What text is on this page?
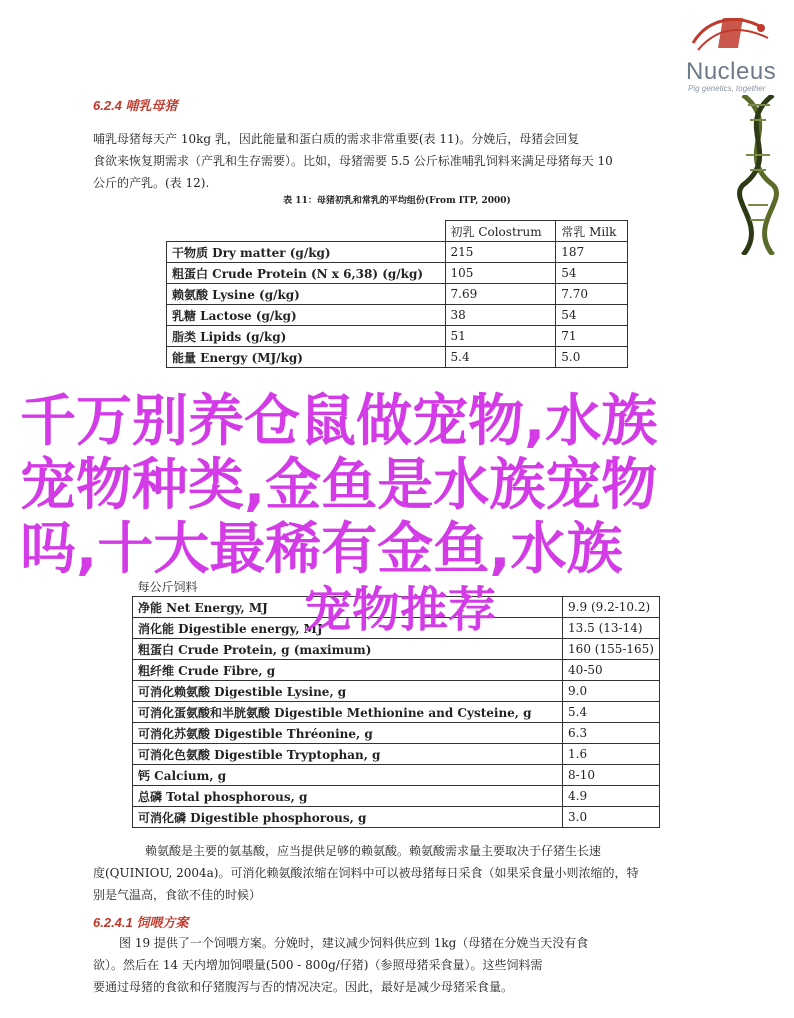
Nucleus
Pig genetics, together
6.2.4 哺乳母猪
哺乳母猪每天产 10kg 乳，因此能量和蛋白质的需求非常重要(表 11)。分娩后，母猪会回复
食欲来恢复期需求（产乳和生存需要）。比如，母猪需要 5.5 公斤标准哺乳饲料来满足母猪每天 10
公斤的产乳。(表 12).
表 11：母猪初乳和常乳的平均组份(From ITP, 2000)
	初乳 Colostrum	常乳 Milk
干物质 Dry matter (g/kg)	215	187
粗蛋白 Crude Protein (N x 6,38) (g/kg)	105	54
赖氨酸 Lysine (g/kg)	7.69	7.70
乳糖 Lactose (g/kg)	38	54
脂类 Lipids (g/kg)	51	71
能量 Energy (MJ/kg)	5.4	5.0
每公斤饲料	
净能 Net Energy, MJ	9.9 (9.2-10.2)
消化能 Digestible energy, MJ	13.5 (13-14)
粗蛋白 Crude Protein, g (maximum)	160 (155-165)
粗纤维 Crude Fibre, g	40-50
可消化赖氨酸 Digestible Lysine, g	9.0
可消化蛋氨酸和半胱氨酸 Digestible Methionine and Cysteine, g	5.4
可消化苏氨酸 Digestible Thréonine, g	6.3
可消化色氨酸 Digestible Tryptophan, g	1.6
钙 Calcium, g	8-10
总磷 Total phosphorous, g	4.9
可消化磷 Digestible phosphorous, g	3.0
赖氨酸是主要的氨基酸，应当提供足够的赖氨酸。赖氨酸需求量主要取决于仔猪生长速
度(QUINIOU, 2004a)。可消化赖氨酸浓缩在饲料中可以被母猪每日采食（如果采食量小则浓缩的，特
别是气温高，食欲不佳的时候）
6.2.4.1 饲喂方案
图 19 提供了一个饲喂方案。分娩时，建议减少饲料供应到 1kg（母猪在分娩当天没有食
欲）。然后在 14 天内增加饲喂量(500 - 800g/仔猪)（参照母猪采食量）。这些饲料需
要通过母猪的食欲和仔猪腹泻与否的情况决定。因此，最好是减少母猪采食量。
千万别养仓鼠做宠物,水族
宠物种类,金鱼是水族宠物
吗,十大最稀有金鱼,水族
宠物推荐
